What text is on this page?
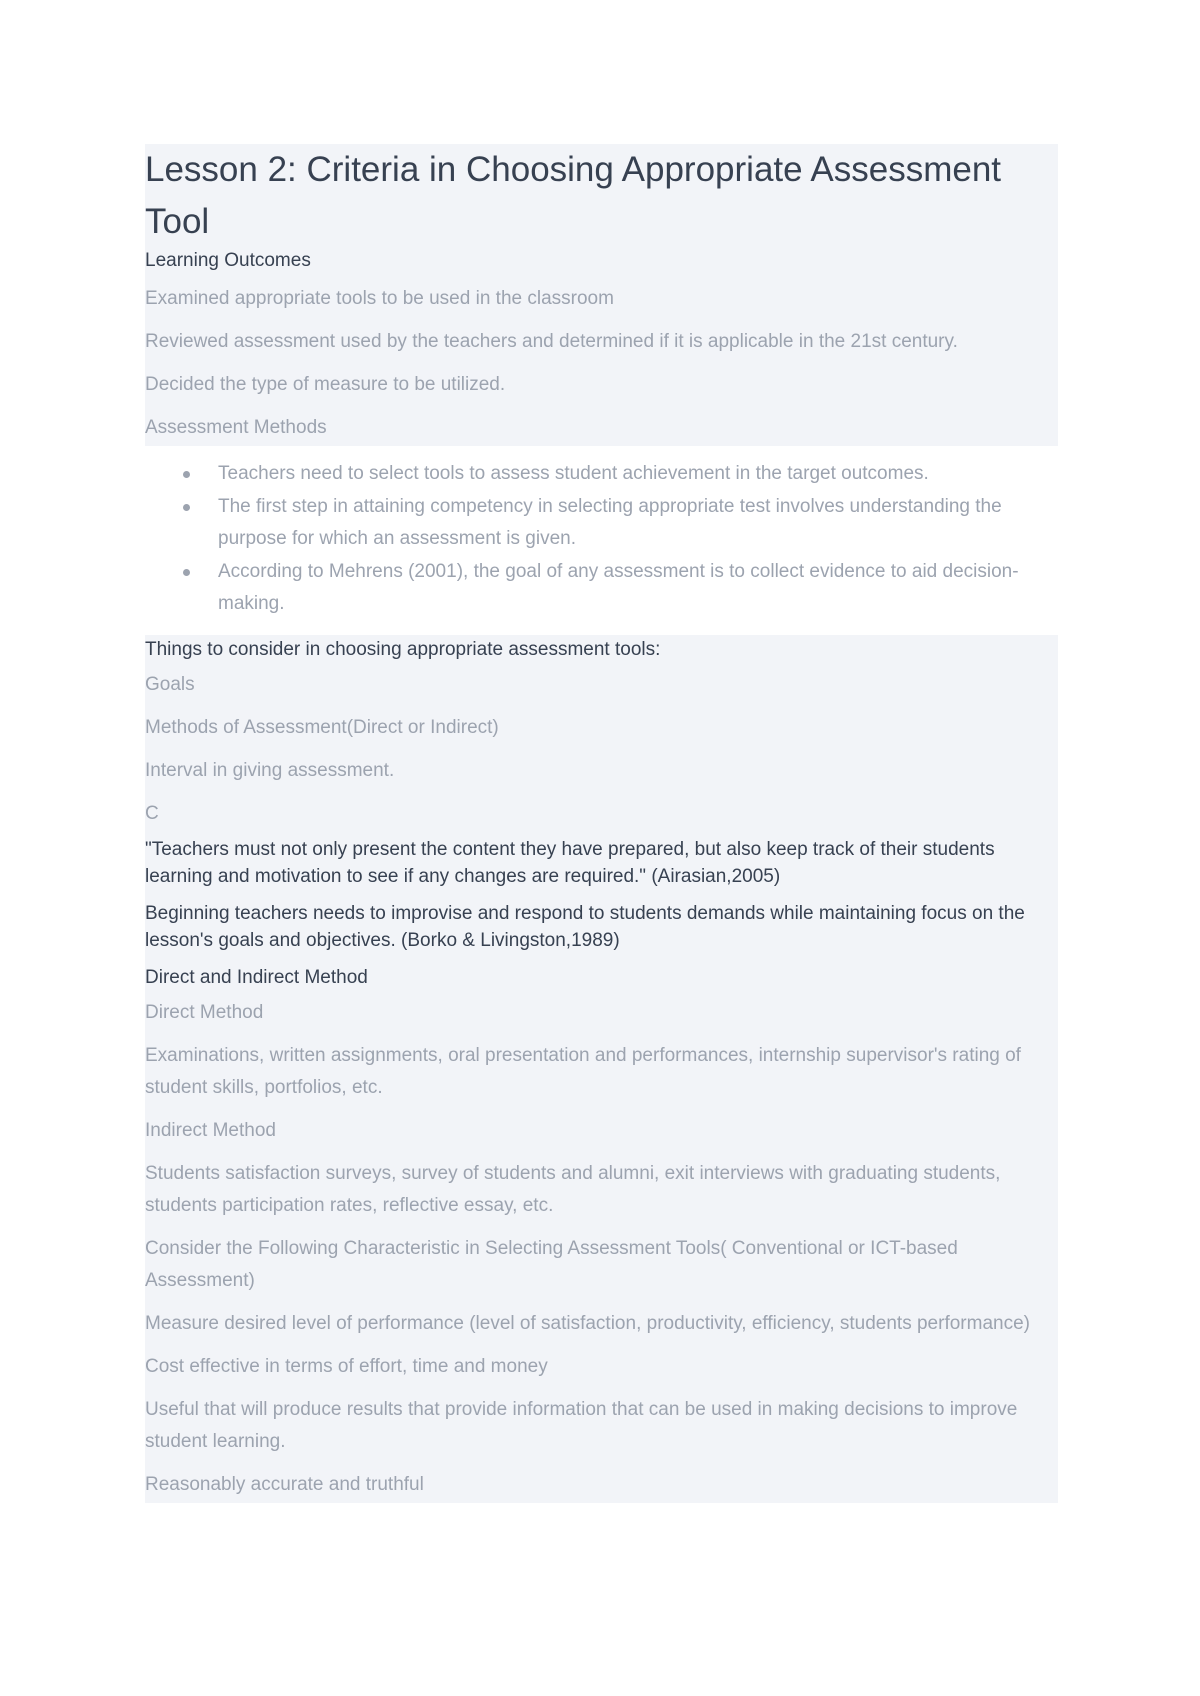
Lesson 2: Criteria in Choosing Appropriate Assessment Tool

Learning Outcomes

Examined appropriate tools to be used in the classroom

Reviewed assessment used by the teachers and determined if it is applicable in the 21st century.

Decided the type of measure to be utilized.

Assessment Methods

Teachers need to select tools to assess student achievement in the target outcomes.
The first step in attaining competency in selecting appropriate test involves understanding the purpose for which an assessment is given.
According to Mehrens (2001), the goal of any assessment is to collect evidence to aid decision-making.

Things to consider in choosing appropriate assessment tools:

Goals

Methods of Assessment(Direct or Indirect)

Interval in giving assessment.

C

"Teachers must not only present the content they have prepared, but also keep track of their students learning and motivation to see if any changes are required." (Airasian,2005)

Beginning teachers needs to improvise and respond to students demands while maintaining focus on the lesson's goals and objectives. (Borko & Livingston,1989)

Direct and Indirect Method

Direct Method

Examinations, written assignments, oral presentation and performances, internship supervisor's rating of student skills, portfolios, etc.

Indirect Method

Students satisfaction surveys, survey of students and alumni, exit interviews with graduating students, students participation rates, reflective essay, etc.

Consider the Following Characteristic in Selecting Assessment Tools( Conventional or ICT-based Assessment)

Measure desired level of performance (level of satisfaction, productivity, efficiency, students performance)

Cost effective in terms of effort, time and money

Useful that will produce results that provide information that can be used in making decisions to improve student learning.

Reasonably accurate and truthful
